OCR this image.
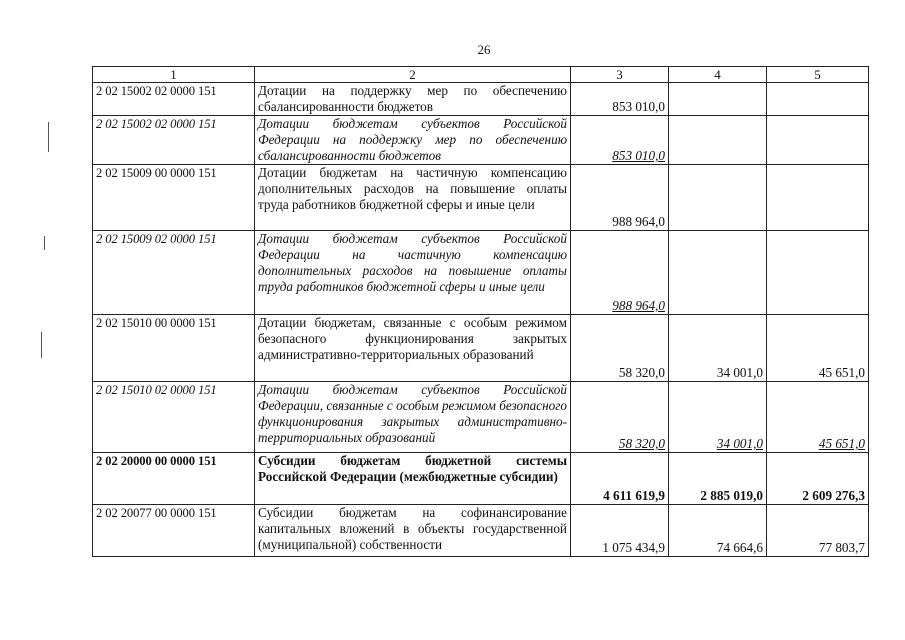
26
1	2	3	4	5
2 02 15002 02 0000 151	Дотации на поддержку мер по обеспечению сбалансированности бюджетов	853 010,0		
2 02 15002 02 0000 151	Дотации бюджетам субъектов Российской Федерации на поддержку мер по обеспечению сбалансированности бюджетов	853 010,0		
2 02 15009 00 0000 151	Дотации бюджетам на частичную компенсацию дополнительных расходов на повышение оплаты труда работников бюджетной сферы и иные цели	988 964,0		
2 02 15009 02 0000 151	Дотации бюджетам субъектов Российской Федерации на частичную компенсацию дополнительных расходов на повышение оплаты труда работников бюджетной сферы и иные цели	988 964,0		
2 02 15010 00 0000 151	Дотации бюджетам, связанные с особым режимом безопасного функционирования закрытых административно-территориальных образований	58 320,0	34 001,0	45 651,0
2 02 15010 02 0000 151	Дотации бюджетам субъектов Российской Федерации, связанные с особым режимом безопасного функционирования закрытых административно-территориальных образований	58 320,0	34 001,0	45 651,0
2 02 20000 00 0000 151	Субсидии бюджетам бюджетной системы Российской Федерации (межбюджетные субсидии)	4 611 619,9	2 885 019,0	2 609 276,3
2 02 20077 00 0000 151	Субсидии бюджетам на софинансирование капитальных вложений в объекты государственной (муниципальной) собственности	1 075 434,9	74 664,6	77 803,7
